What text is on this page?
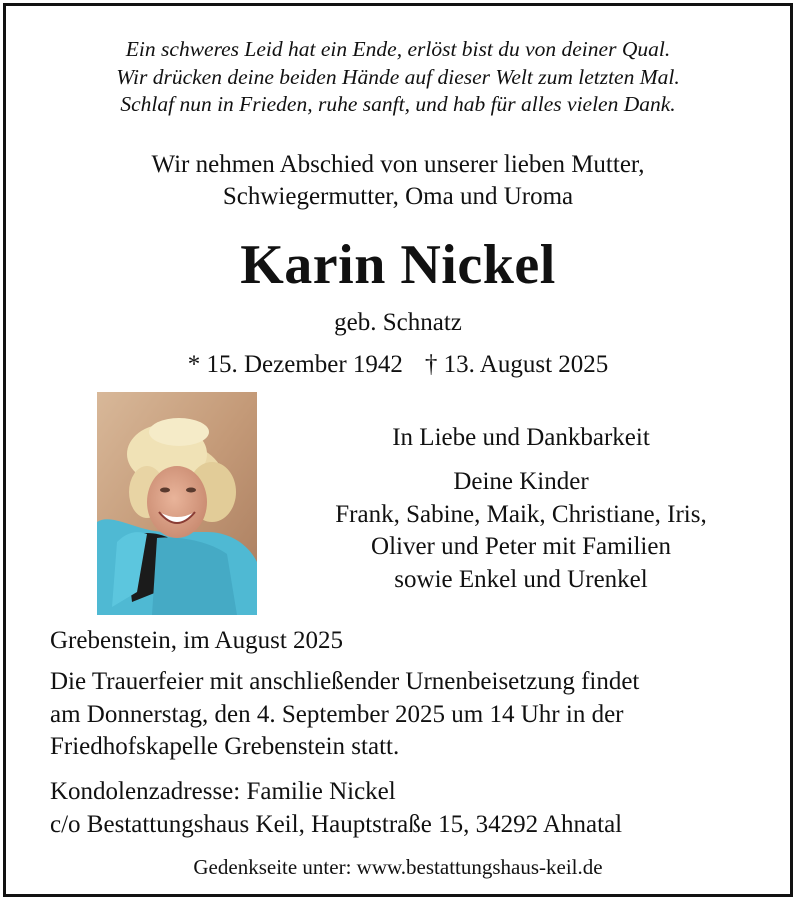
Ein schweres Leid hat ein Ende, erlöst bist du von deiner Qual.
Wir drücken deine beiden Hände auf dieser Welt zum letzten Mal.
Schlaf nun in Frieden, ruhe sanft, und hab für alles vielen Dank.
Wir nehmen Abschied von unserer lieben Mutter,
Schwiegermutter, Oma und Uroma
Karin Nickel
geb. Schnatz
* 15. Dezember 1942 † 13. August 2025
In Liebe und Dankbarkeit
Deine Kinder
Frank, Sabine, Maik, Christiane, Iris,
Oliver und Peter mit Familien
sowie Enkel und Urenkel
Grebenstein, im August 2025
Die Trauerfeier mit anschließender Urnenbeisetzung findet
am Donnerstag, den 4. September 2025 um 14 Uhr in der
Friedhofskapelle Grebenstein statt.
Kondolenzadresse: Familie Nickel
c/o Bestattungshaus Keil, Hauptstraße 15, 34292 Ahnatal
Gedenkseite unter: www.bestattungshaus-keil.de
